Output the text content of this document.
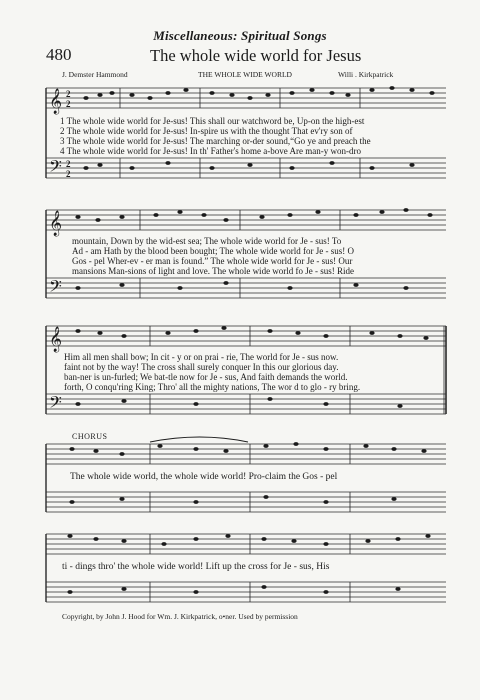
Miscellaneous: Spiritual Songs
480	The whole wide world for Jesus
J. Demster Hammond	THE WHOLE WIDE WORLD	Willi . Kirkpatrick
𝄞
𝄢
2
2
2
2
1 The whole wide world for Je-sus! This shall our watchword be, Up-on the high-est
2 The whole wide world for Je-sus! In-spire us with the thought That ev'ry son of
3 The whole wide world for Je-sus! The marching or-der sound,“Go ye and preach the
4 The whole wide world for Je-sus! In th' Father's home a-bove Are man-y won-dro
𝄞
𝄢
mountain, Down by the wid-est sea; The whole wide world for Je - sus! To
Ad - am Hath by the blood been bought; The whole wide world for Je - sus! O
Gos - pel Wher-ev - er man is found.” The whole wide world for Je - sus! Our
mansions Man-sions of light and love. The whole wide world fo Je - sus! Ride
𝄞
𝄢
Him all men shall bow; In cit - y or on prai - rie, The world for Je - sus now.
faint not by the way! The cross shall surely conquer In this our glorious day.
ban-ner is un-furled; We bat-tle now for Je - sus, And faith demands the world.
forth, O conqu'ring King; Thro' all the mighty nations, The wor d to glo - ry bring.
CHORUS
The whole wide world, the whole wide world! Pro-claim the Gos - pel
ti - dings thro' the whole wide world! Lift up the cross for Je - sus, His
Copyright, by John J. Hood for Wm. J. Kirkpatrick, o•ner. Used by permission
